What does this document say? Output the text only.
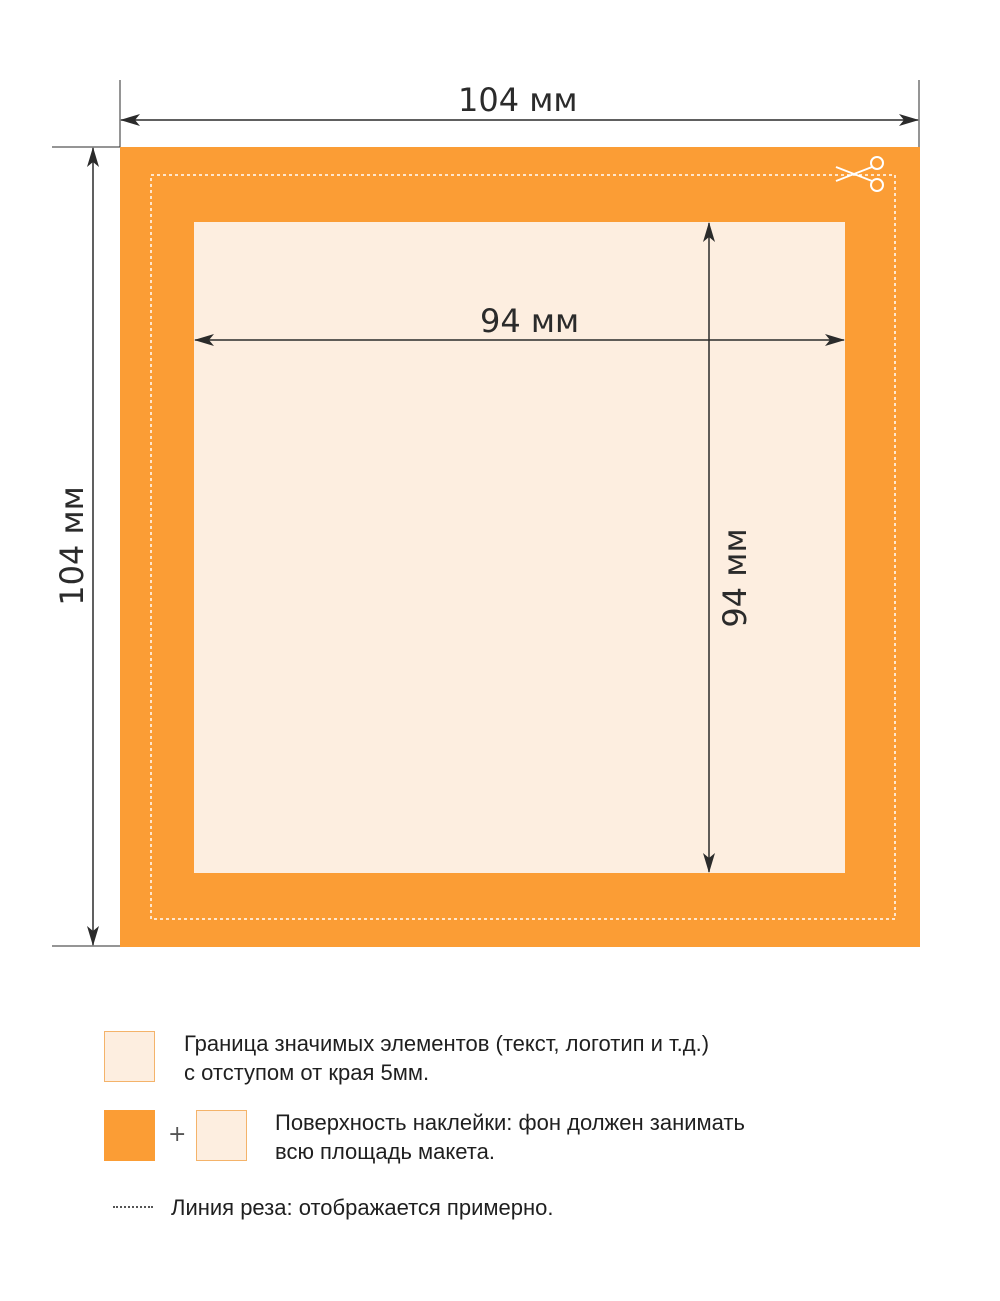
104 мм
104 мм
94 мм
94 мм
Граница значимых элементов (текст, логотип и т.д.)
с отступом от края 5мм.
+	Поверхность наклейки: фон должен занимать
всю площадь макета.
Линия реза: отображается примерно.
